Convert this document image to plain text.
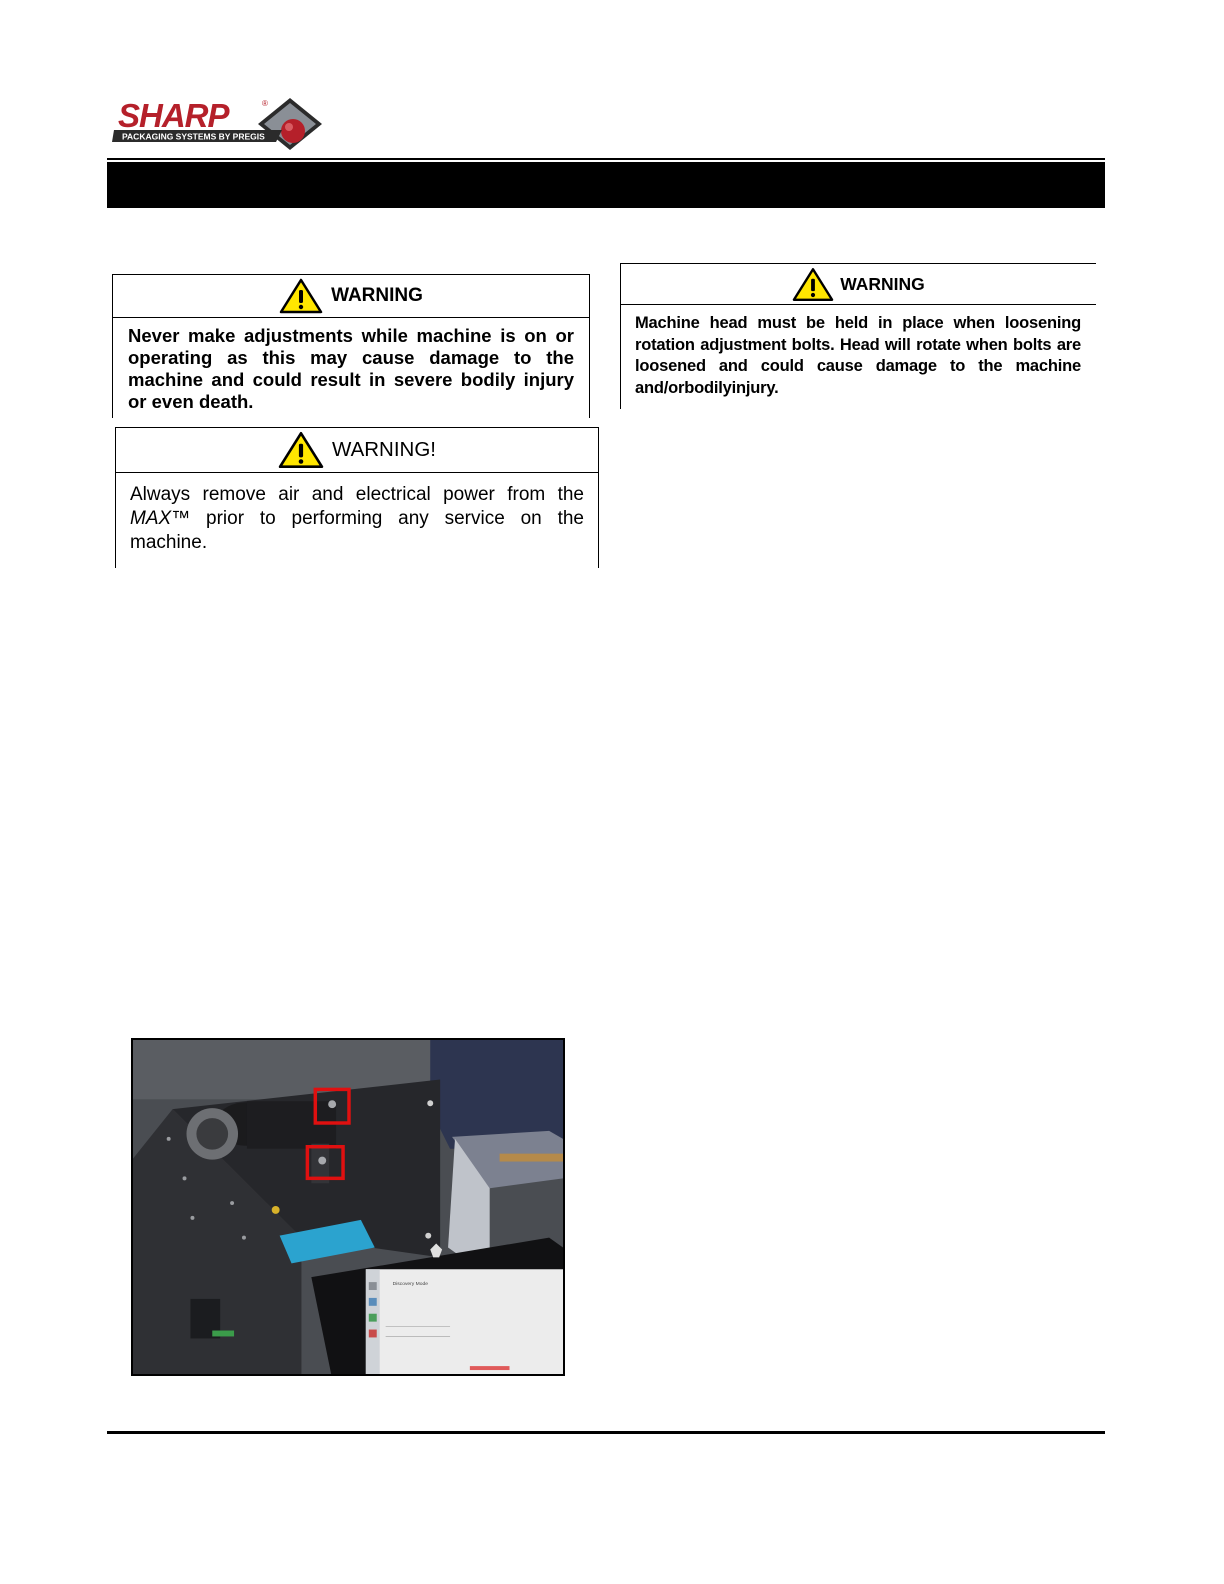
PACKAGING SYSTEMS BY PREGIS
SHARP	®
WARNING
Never make adjustments while machine is on or operating as this may cause damage to the machine and could result in severe bodily injury or even death.
WARNING
Machine head must be held in place when loosening rotation adjustment bolts. Head will rotate when bolts are loosened and could cause damage to the machine and/orbodilyinjury.
WARNING!
Always remove air and electrical power from the MAX™ prior to performing any service on the machine.
Discovery Mode
